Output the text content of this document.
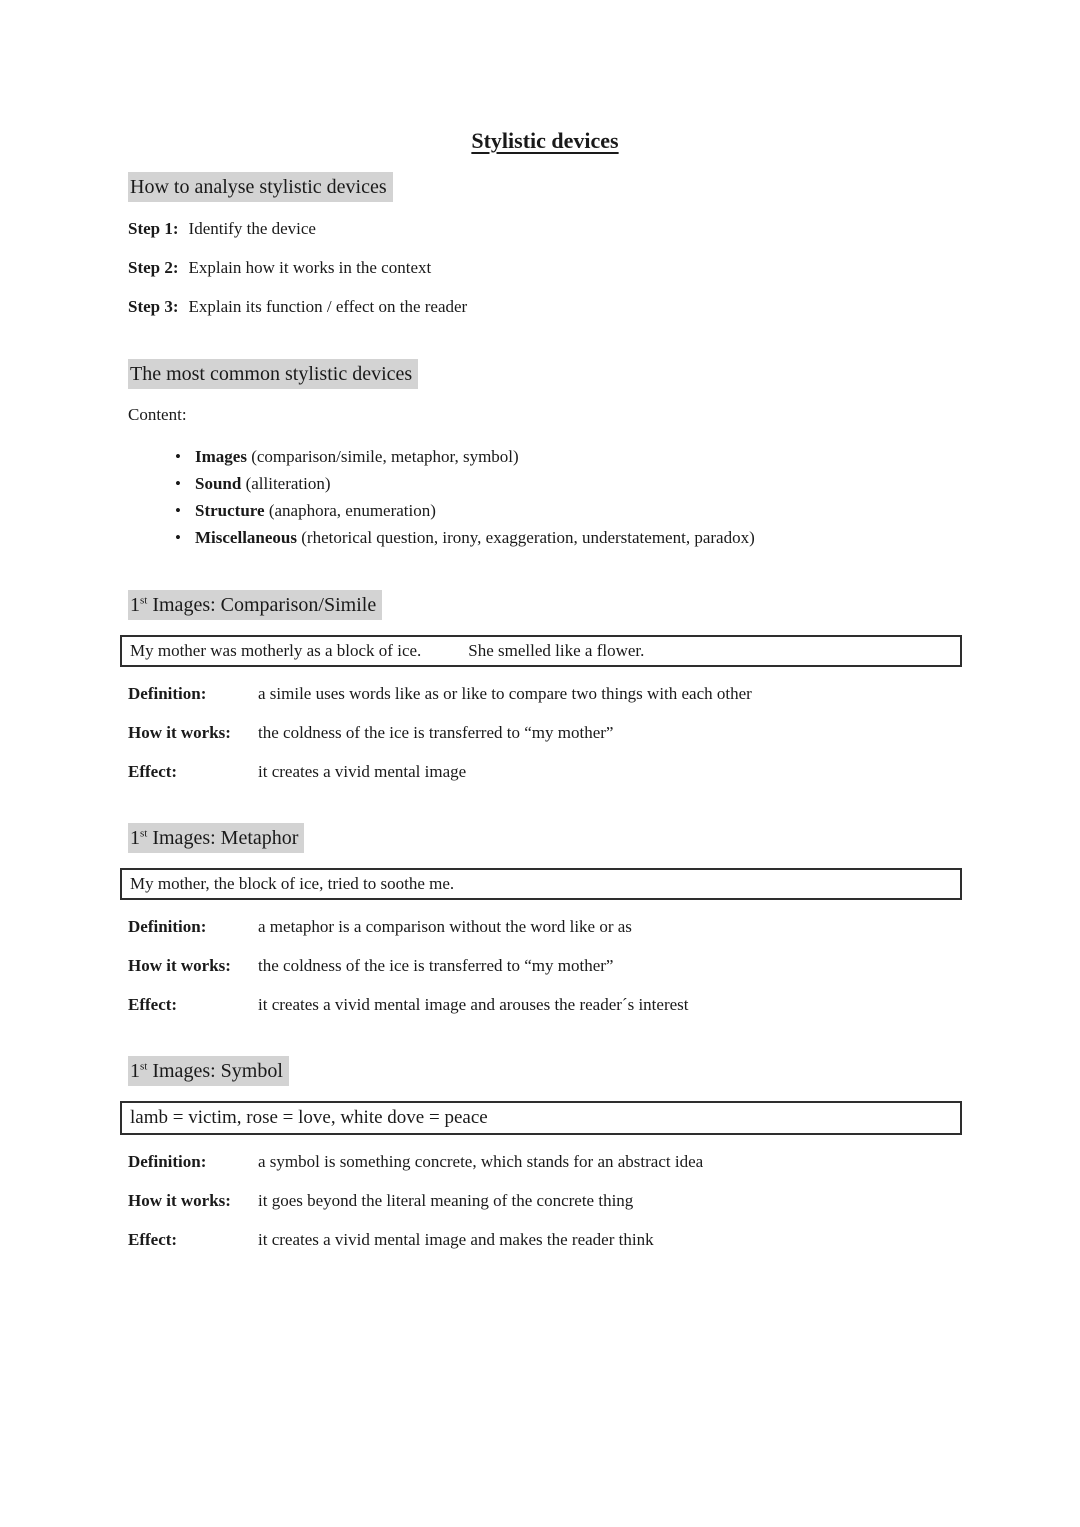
Stylistic devices
How to analyse stylistic devices
Step 1: Identify the device
Step 2: Explain how it works in the context
Step 3: Explain its function / effect on the reader
The most common stylistic devices
Content:
• Images (comparison/simile, metaphor, symbol)
• Sound (alliteration)
• Structure (anaphora, enumeration)
• Miscellaneous (rhetorical question, irony, exaggeration, understatement, paradox)
1st Images: Comparison/Simile
My mother was motherly as a block of ice.	She smelled like a flower.
Definition:	a simile uses words like as or like to compare two things with each other
How it works:	the coldness of the ice is transferred to “my mother”
Effect:	it creates a vivid mental image
1st Images: Metaphor
My mother, the block of ice, tried to soothe me.
Definition:	a metaphor is a comparison without the word like or as
How it works:	the coldness of the ice is transferred to “my mother”
Effect:	it creates a vivid mental image and arouses the reader´s interest
1st Images: Symbol
lamb = victim, rose = love, white dove = peace
Definition:	a symbol is something concrete, which stands for an abstract idea
How it works:	it goes beyond the literal meaning of the concrete thing
Effect:	it creates a vivid mental image and makes the reader think
